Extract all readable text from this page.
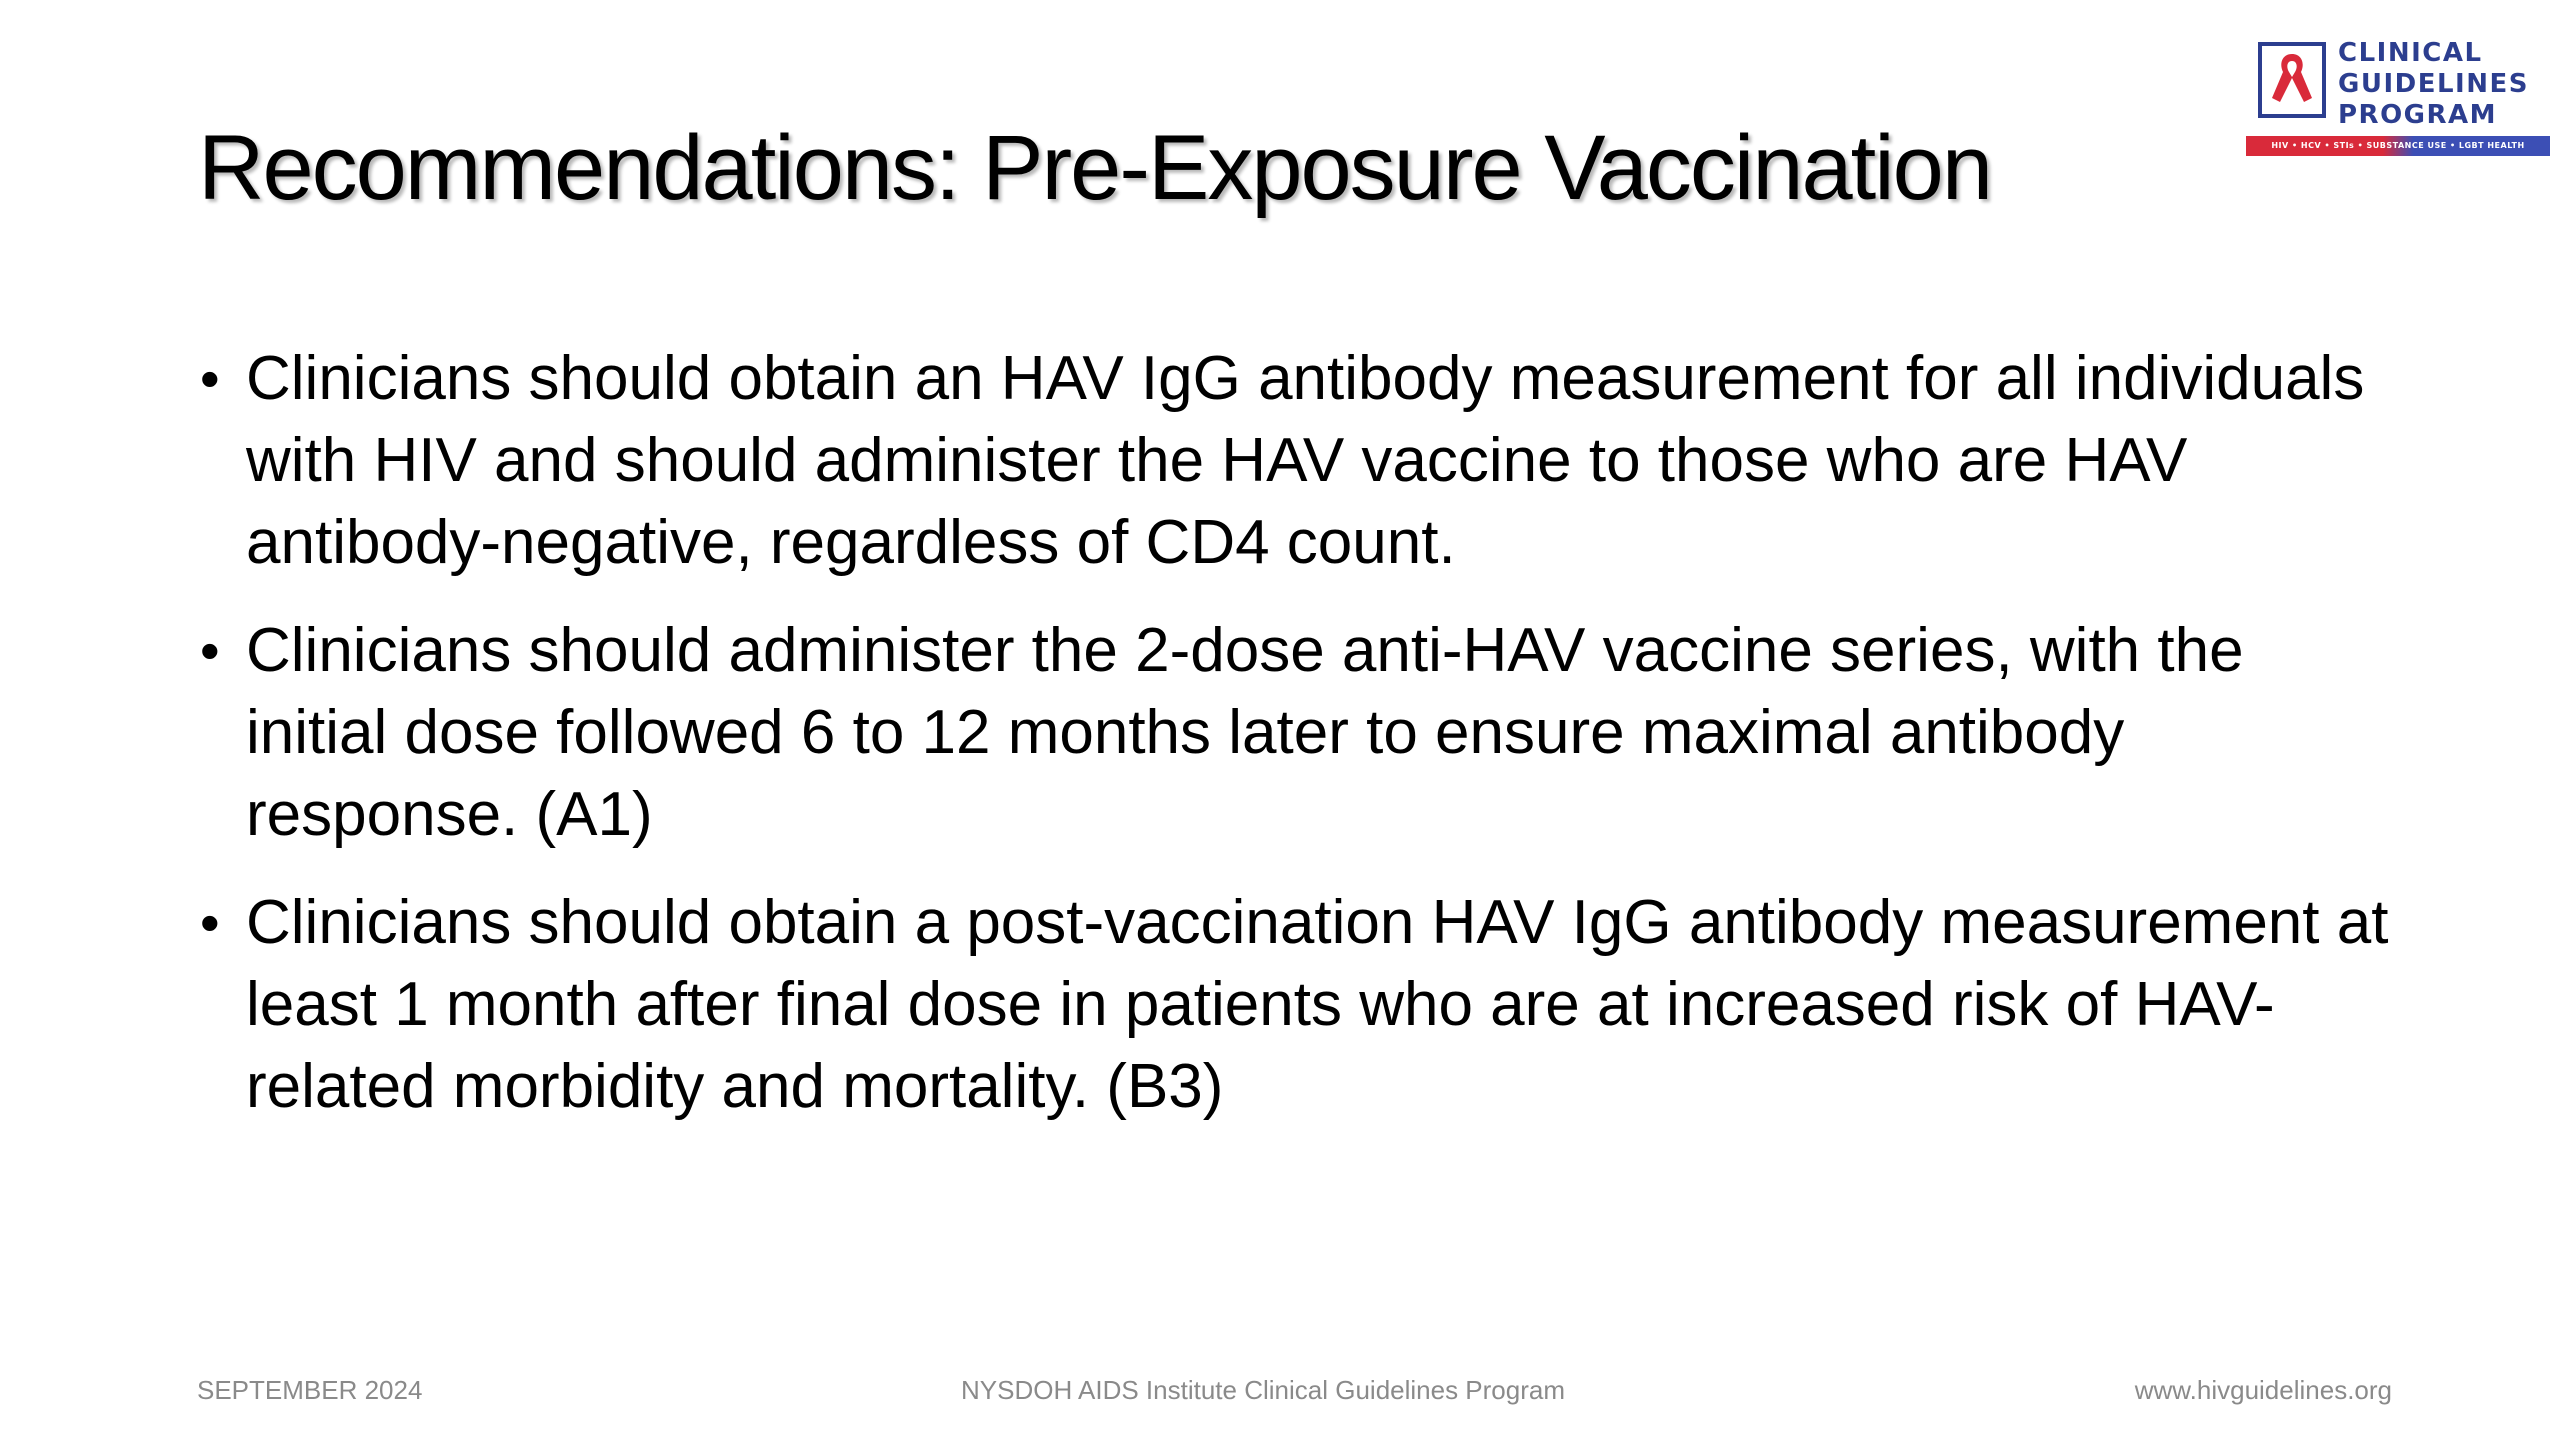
CLINICAL
GUIDELINES
PROGRAM
HIV • HCV • STIs • SUBSTANCE USE • LGBT HEALTH
Recommendations: Pre-Exposure Vaccination
• Clinicians should obtain an HAV IgG antibody measurement for all individuals with HIV and should administer the HAV vaccine to those who are HAV antibody-negative, regardless of CD4 count.
• Clinicians should administer the 2-dose anti-HAV vaccine series, with the initial dose followed 6 to 12 months later to ensure maximal antibody response. (A1)
• Clinicians should obtain a post-vaccination HAV IgG antibody measurement at least 1 month after final dose in patients who are at increased risk of HAV-related morbidity and mortality. (B3)
SEPTEMBER 2024	NYSDOH AIDS Institute Clinical Guidelines Program	www.hivguidelines.org
